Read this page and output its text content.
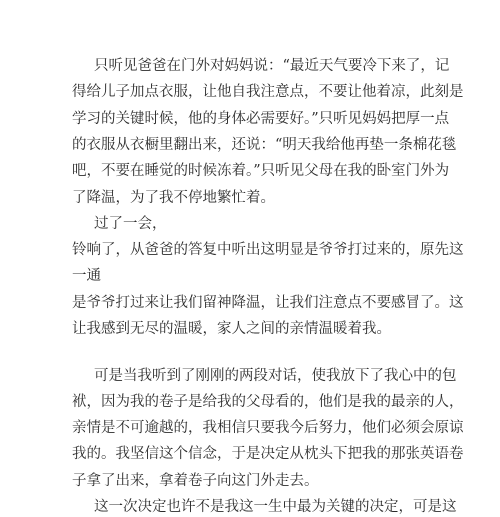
只听见爸爸在门外对妈妈说：“最近天气要冷下来了，记
得给儿子加点衣服，让他自我注意点，不要让他着凉，此刻是
学习的关键时候，他的身体必需要好。”只听见妈妈把厚一点
的衣服从衣橱里翻出来，还说：“明天我给他再垫一条棉花毯
吧，不要在睡觉的时候冻着。”只听见父母在我的卧室门外为
了降温，为了我不停地繁忙着。
过了一会，
铃响了，从爸爸的答复中听出这明显是爷爷打过来的，原先这
一通
是爷爷打过来让我们留神降温，让我们注意点不要感冒了。这
让我感到无尽的温暖，家人之间的亲情温暖着我。
可是当我听到了刚刚的两段对话，使我放下了我心中的包
袱，因为我的卷子是给我的父母看的，他们是我的最亲的人，
亲情是不可逾越的，我相信只要我今后努力，他们必须会原谅
我的。我坚信这个信念，于是决定从枕头下把我的那张英语卷
子拿了出来，拿着卷子向这门外走去。
这一次决定也许不是我这一生中最为关键的决定，可是这
